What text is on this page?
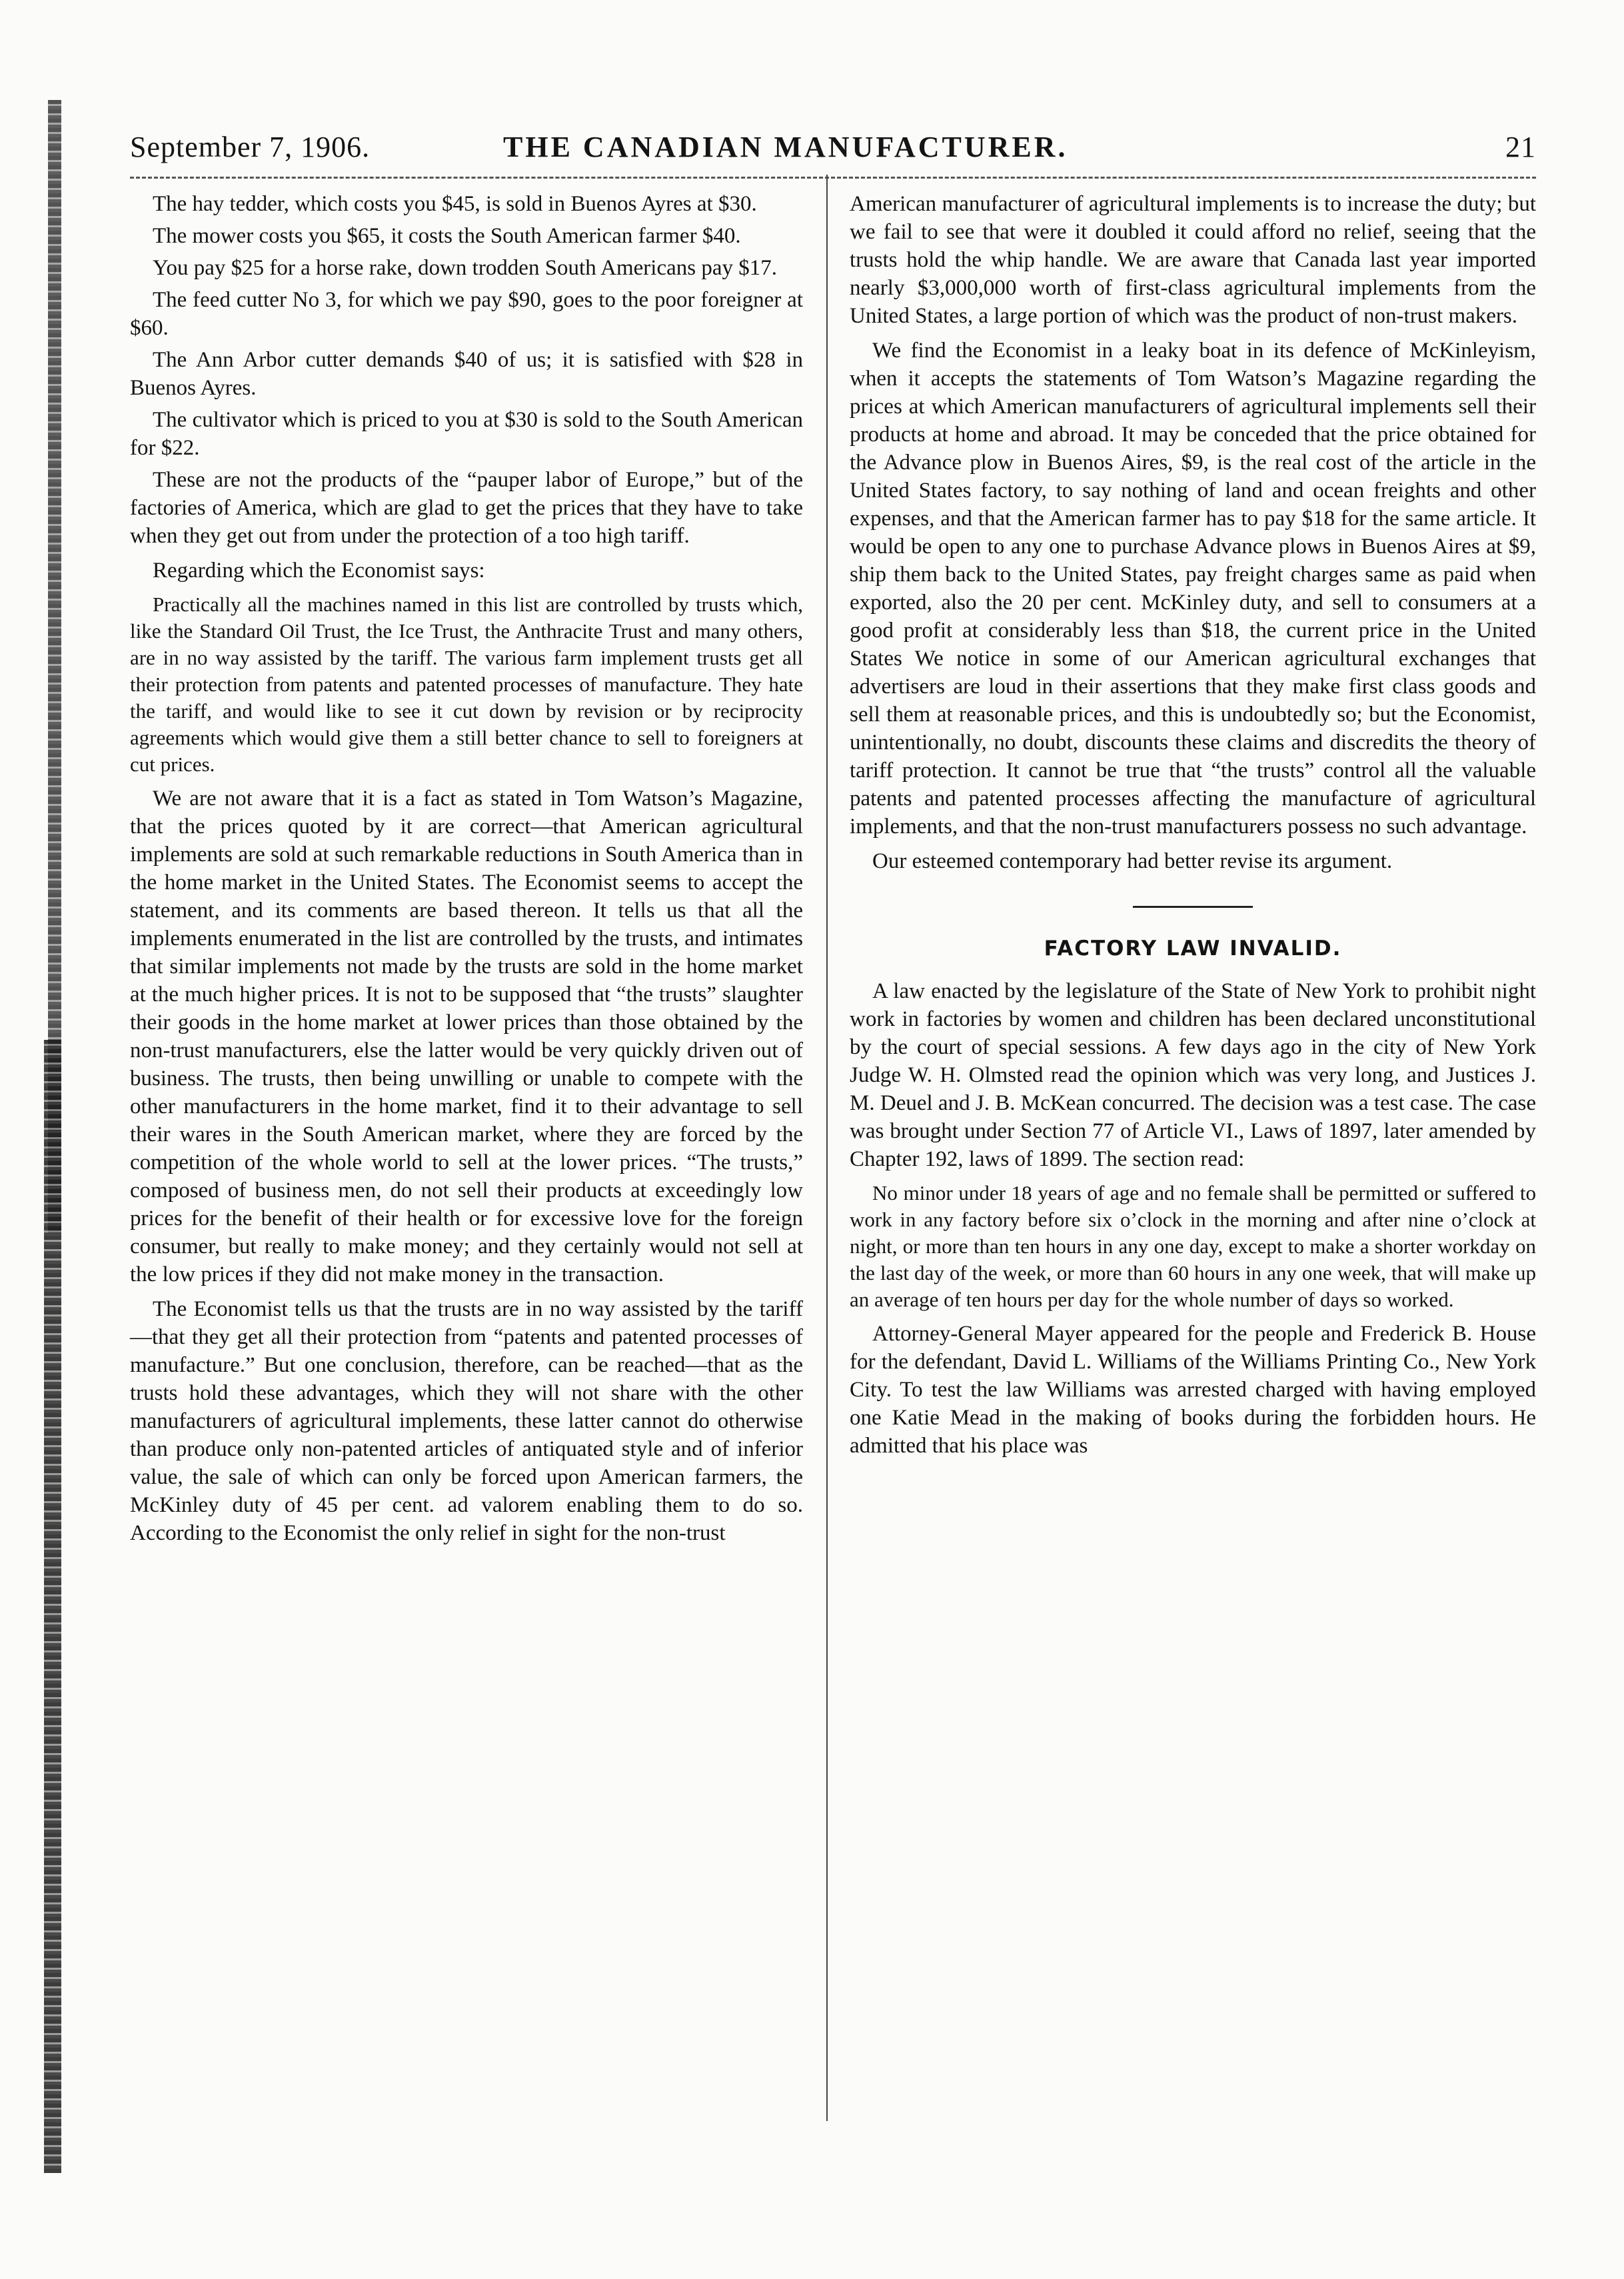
September 7, 1906.	THE CANADIAN MANUFACTURER.	21

The hay tedder, which costs you $45, is sold in Buenos Ayres at $30.

The mower costs you $65, it costs the South American farmer $40.

You pay $25 for a horse rake, down trodden South Americans pay $17.

The feed cutter No 3, for which we pay $90, goes to the poor foreigner at $60.

The Ann Arbor cutter demands $40 of us; it is satisfied with $28 in Buenos Ayres.

The cultivator which is priced to you at $30 is sold to the South American for $22.

These are not the products of the “pauper labor of Europe,” but of the factories of America, which are glad to get the prices that they have to take when they get out from under the protection of a too high tariff.

Regarding which the Economist says:

Practically all the machines named in this list are controlled by trusts which, like the Standard Oil Trust, the Ice Trust, the Anthracite Trust and many others, are in no way assisted by the tariff. The various farm implement trusts get all their protection from patents and patented processes of manufacture. They hate the tariff, and would like to see it cut down by revision or by reciprocity agreements which would give them a still better chance to sell to foreigners at cut prices.

We are not aware that it is a fact as stated in Tom Watson’s Magazine, that the prices quoted by it are correct—that American agricultural implements are sold at such remarkable reductions in South America than in the home market in the United States. The Economist seems to accept the statement, and its comments are based thereon. It tells us that all the implements enumerated in the list are controlled by the trusts, and intimates that similar implements not made by the trusts are sold in the home market at the much higher prices. It is not to be supposed that “the trusts” slaughter their goods in the home market at lower prices than those obtained by the non-trust manufacturers, else the latter would be very quickly driven out of business. The trusts, then being unwilling or unable to compete with the other manufacturers in the home market, find it to their advantage to sell their wares in the South American market, where they are forced by the competition of the whole world to sell at the lower prices. “The trusts,” composed of business men, do not sell their products at exceedingly low prices for the benefit of their health or for excessive love for the foreign consumer, but really to make money; and they certainly would not sell at the low prices if they did not make money in the transaction.

The Economist tells us that the trusts are in no way assisted by the tariff—that they get all their protection from “patents and patented processes of manufacture.” But one conclusion, therefore, can be reached—that as the trusts hold these advantages, which they will not share with the other manufacturers of agricultural implements, these latter cannot do otherwise than produce only non-patented articles of antiquated style and of inferior value, the sale of which can only be forced upon American farmers, the McKinley duty of 45 per cent. ad valorem enabling them to do so. According to the Economist the only relief in sight for the non-trust

American manufacturer of agricultural implements is to increase the duty; but we fail to see that were it doubled it could afford no relief, seeing that the trusts hold the whip handle. We are aware that Canada last year imported nearly $3,000,000 worth of first-class agricultural implements from the United States, a large portion of which was the product of non-trust makers.

We find the Economist in a leaky boat in its defence of McKinleyism, when it accepts the statements of Tom Watson’s Magazine regarding the prices at which American manufacturers of agricultural implements sell their products at home and abroad. It may be conceded that the price obtained for the Advance plow in Buenos Aires, $9, is the real cost of the article in the United States factory, to say nothing of land and ocean freights and other expenses, and that the American farmer has to pay $18 for the same article. It would be open to any one to purchase Advance plows in Buenos Aires at $9, ship them back to the United States, pay freight charges same as paid when exported, also the 20 per cent. McKinley duty, and sell to consumers at a good profit at considerably less than $18, the current price in the United States We notice in some of our American agricultural exchanges that advertisers are loud in their assertions that they make first class goods and sell them at reasonable prices, and this is undoubtedly so; but the Economist, unintentionally, no doubt, discounts these claims and discredits the theory of tariff protection. It cannot be true that “the trusts” control all the valuable patents and patented processes affecting the manufacture of agricultural implements, and that the non-trust manufacturers possess no such advantage.

Our esteemed contemporary had better revise its argument.

FACTORY LAW INVALID.

A law enacted by the legislature of the State of New York to prohibit night work in factories by women and children has been declared unconstitutional by the court of special sessions. A few days ago in the city of New York Judge W. H. Olmsted read the opinion which was very long, and Justices J. M. Deuel and J. B. McKean concurred. The decision was a test case. The case was brought under Section 77 of Article VI., Laws of 1897, later amended by Chapter 192, laws of 1899. The section read:

No minor under 18 years of age and no female shall be permitted or suffered to work in any factory before six o’clock in the morning and after nine o’clock at night, or more than ten hours in any one day, except to make a shorter workday on the last day of the week, or more than 60 hours in any one week, that will make up an average of ten hours per day for the whole number of days so worked.

Attorney-General Mayer appeared for the people and Frederick B. House for the defendant, David L. Williams of the Williams Printing Co., New York City. To test the law Williams was arrested charged with having employed one Katie Mead in the making of books during the forbidden hours. He admitted that his place was
